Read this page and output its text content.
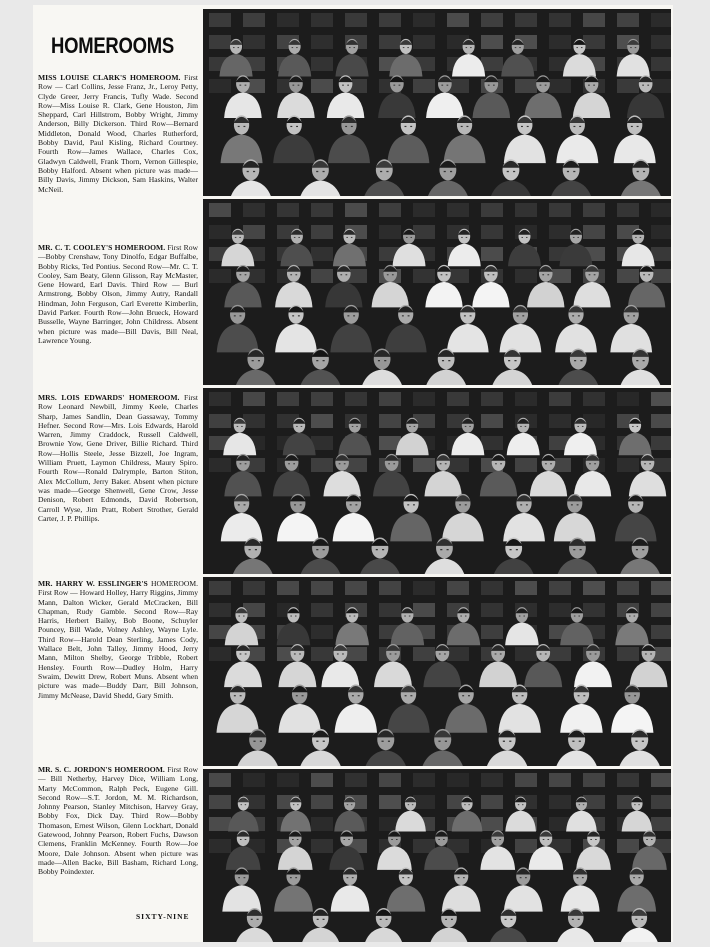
HOMEROOMS
MISS LOUISE CLARK'S HOMEROOM. First Row — Carl Collins, Jesse Franz, Jr., Leroy Petty, Clyde Greer, Jerry Francis, Tufly Wade. Second Row—Miss Louise R. Clark, Gene Houston, Jim Sheppard, Carl Hillstrom, Bobby Wright, Jimmy Anderson, Billy Dickerson. Third Row—Bernard Middleton, Donald Wood, Charles Rutherford, Bobby David, Paul Kisling, Richard Courtney. Fourth Row—James Wallace, Charles Cox, Gladwyn Caldwell, Frank Thorn, Vernon Gillespie, Bobby Halford. Absent when picture was made—Billy Davis, Jimmy Dickson, Sam Haskins, Walter McNeil.
MR. C. T. COOLEY'S HOMEROOM. First Row—Bobby Crenshaw, Tony Dinolfo, Edgar Buffalbe, Bobby Ricks, Ted Pontius. Second Row—Mr. C. T. Cooley, Sam Beaty, Glenn Glisson, Ray McMaster, Gene Howard, Earl Davis. Third Row — Burl Armstrong, Bobby Olson, Jimmy Autry, Randall Hindman, John Ferguson, Carl Everette Kimberlin, David Parker. Fourth Row—John Brueck, Howard Busselle, Wayne Barringer, John Childress. Absent when picture was made—Bill Davis, Bill Neal, Lawrence Young.
MRS. LOIS EDWARDS' HOMEROOM. First Row Leonard Newbill, Jimmy Keele, Charles Sharp, James Sandlin, Dean Gassaway, Tommy Hefner. Second Row—Mrs. Lois Edwards, Harold Warren, Jimmy Craddock, Russell Caldwell, Brownie Yow, Gene Driver, Billie Richard. Third Row—Hollis Steele, Jesse Bizzell, Joe Ingram, William Pruett, Laymon Childress, Maury Spiro. Fourth Row—Ronald Dalrymple, Barton Stiton, Alex McCollum, Jerry Baker. Absent when picture was made—George Shenwell, Gene Crow, Jesse Denison, Robert Edmonds, David Robertson, Carroll Wyse, Jim Pratt, Robert Strother, Gerald Carter, J. P. Phillips.
MR. HARRY W. ESSLINGER'S HOMEROOM. First Row — Howard Holley, Harry Riggins, Jimmy Mann, Dalton Wicker, Gerald McCracken, Bill Chapman, Rudy Gamble. Second Row—Ray Harris, Herbert Bailey, Bob Boone, Schuyler Pouncey, Bill Wade, Volney Ashley, Wayne Lyle. Third Row—Harold Dean Sterling, James Cody, Wallace Belt, John Talley, Jimmy Hood, Jerry Mann, Milton Shelby, George Tribble, Robert Hensley. Fourth Row—Dudley Holm, Harry Swaim, Dewitt Drew, Robert Muns. Absent when picture was made—Buddy Darr, Bill Johnson, Jimmy McNease, David Shedd, Gary Smith.
MR. S. C. JORDON'S HOMEROOM. First Row — Bill Netherby, Harvey Dice, William Long, Marty McCommon, Ralph Peck, Eugene Gill. Second Row—S.T. Jordon, M. M. Richardson, Johnny Pearson, Stanley Mitchison, Harvey Gray, Bobby Fox, Dick Day. Third Row—Bobby Thomason, Ernest Wilson, Glenn Lockhart, Donald Gatewood, Johnny Pearson, Robert Fuchs, Dawson Clemens, Franklin McKenney. Fourth Row—Joe Moore, Dale Johnson. Absent when picture was made—Allen Backe, Bill Basham, Richard Long, Bobby Poindexter.
SIXTY-NINE
